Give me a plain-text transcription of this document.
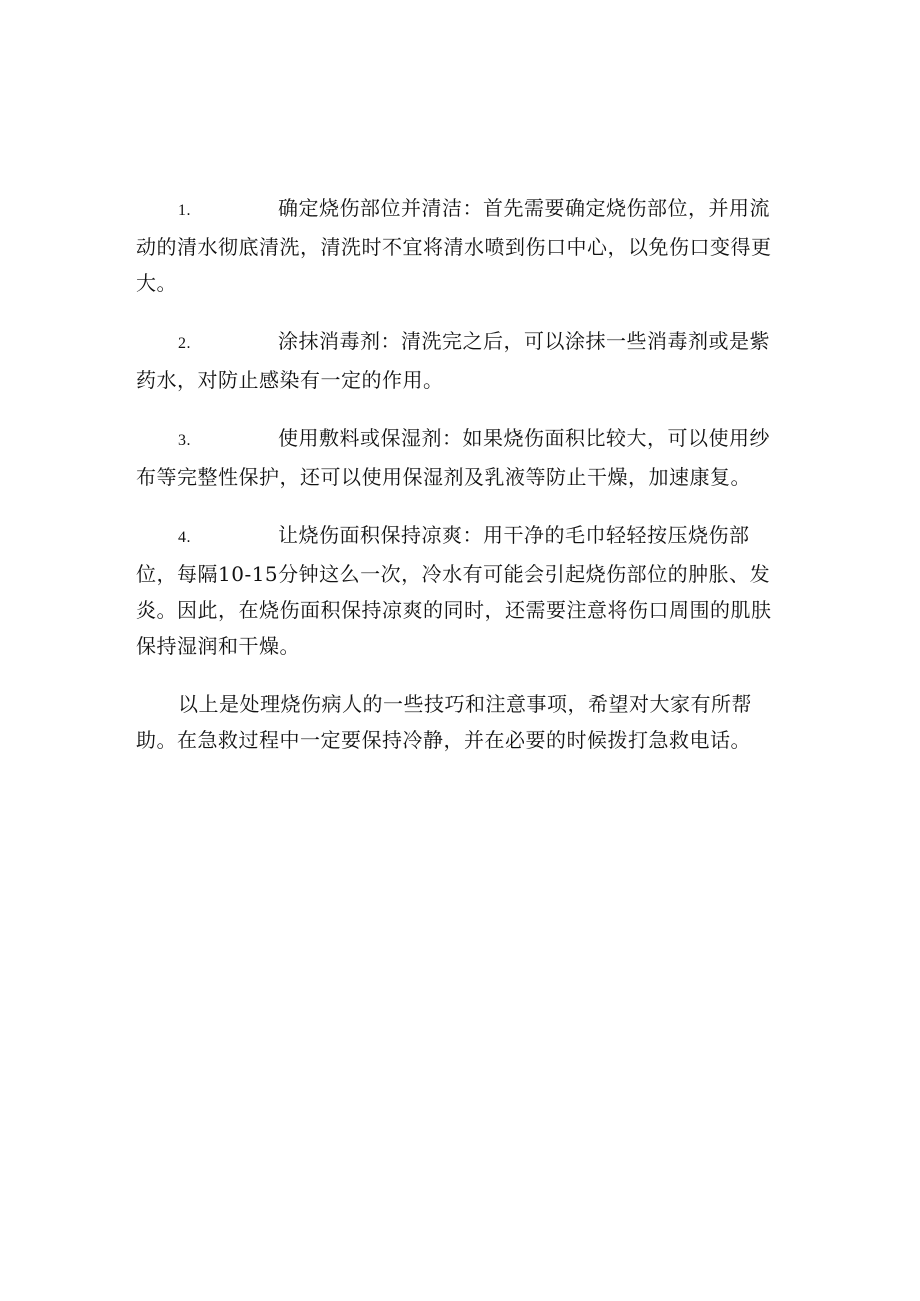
1.	确定烧伤部位并清洁：首先需要确定烧伤部位，并用流动的清水彻底清洗，清洗时不宜将清水喷到伤口中心，以免伤口变得更大。

2.	涂抹消毒剂：清洗完之后，可以涂抹一些消毒剂或是紫药水，对防止感染有一定的作用。

3.	使用敷料或保湿剂：如果烧伤面积比较大，可以使用纱布等完整性保护，还可以使用保湿剂及乳液等防止干燥，加速康复。

4.	让烧伤面积保持凉爽：用干净的毛巾轻轻按压烧伤部位，每隔10-15分钟这么一次，冷水有可能会引起烧伤部位的肿胀、发炎。因此，在烧伤面积保持凉爽的同时，还需要注意将伤口周围的肌肤保持湿润和干燥。

以上是处理烧伤病人的一些技巧和注意事项，希望对大家有所帮助。在急救过程中一定要保持冷静，并在必要的时候拨打急救电话。
